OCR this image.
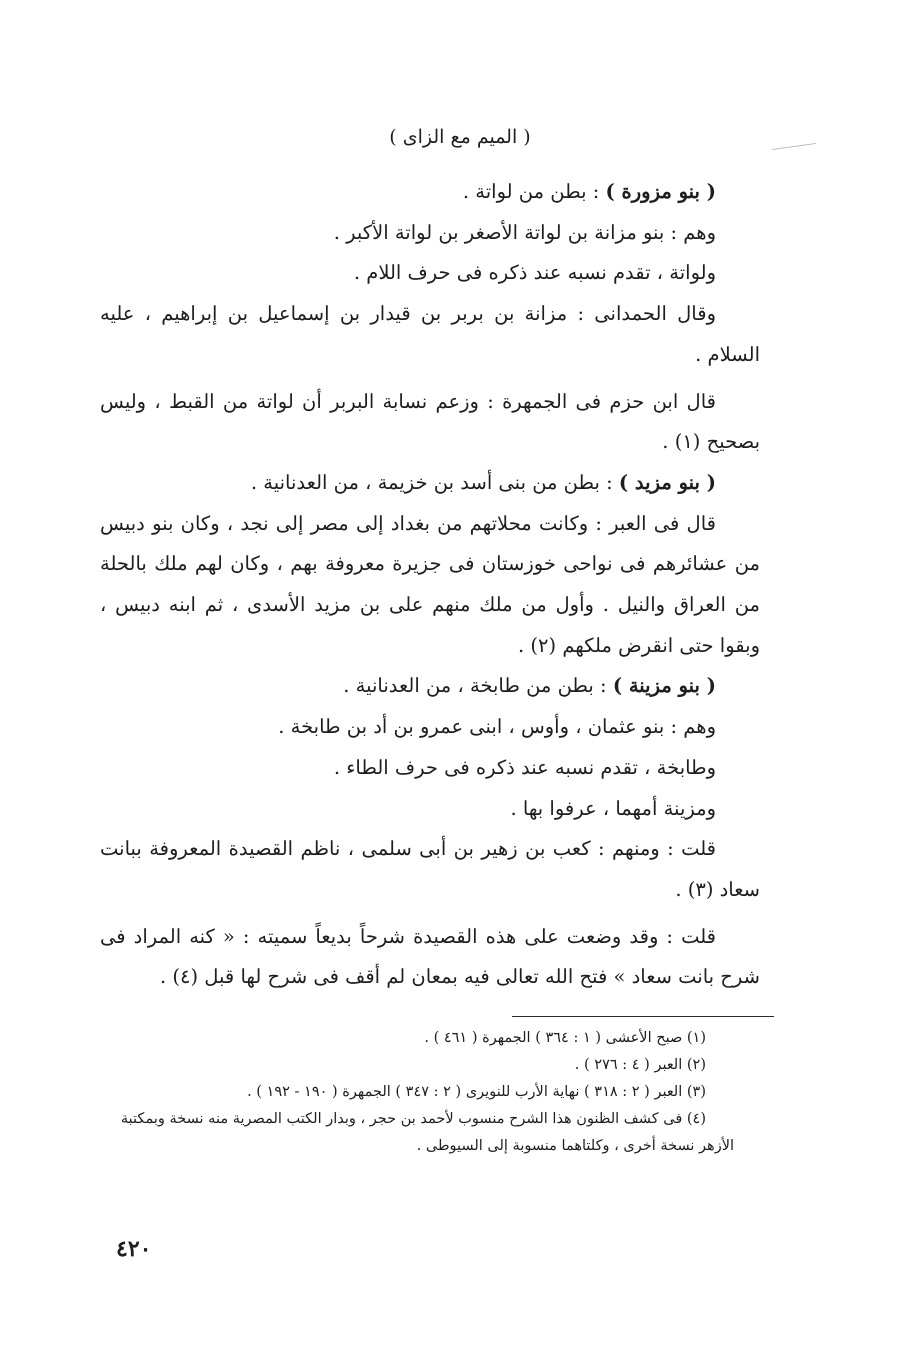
( الميم مع الزاى )

( بنو مزورة ) : بطن من لواتة .

وهم : بنو مزانة بن لواتة الأصغر بن لواتة الأكبر .

ولواتة ، تقدم نسبه عند ذكره فى حرف اللام .

وقال الحمدانى : مزانة بن بربر بن قيدار بن إسماعيل بن إبراهيم ، عليه السلام .

قال ابن حزم فى الجمهرة : وزعم نسابة البربر أن لواتة من القبط ، وليس بصحيح (١) .

( بنو مزيد ) : بطن من بنى أسد بن خزيمة ، من العدنانية .

قال فى العبر : وكانت محلاتهم من بغداد إلى مصر إلى نجد ، وكان بنو دبيس من عشائرهم فى نواحى خوزستان فى جزيرة معروفة بهم ، وكان لهم ملك بالحلة من العراق والنيل . وأول من ملك منهم على بن مزيد الأسدى ، ثم ابنه دبيس ، وبقوا حتى انقرض ملكهم (٢) .

( بنو مزينة ) : بطن من طابخة ، من العدنانية .

وهم : بنو عثمان ، وأوس ، ابنى عمرو بن أد بن طابخة .

وطابخة ، تقدم نسبه عند ذكره فى حرف الطاء .

ومزينة أمهما ، عرفوا بها .

قلت : ومنهم : كعب بن زهير بن أبى سلمى ، ناظم القصيدة المعروفة ببانت سعاد (٣) .

قلت : وقد وضعت على هذه القصيدة شرحاً بديعاً سميته : « كنه المراد فى شرح بانت سعاد » فتح الله تعالى فيه بمعان لم أقف فى شرح لها قبل (٤) .

(١) صبح الأعشى ( ١ : ٣٦٤ ) الجمهرة ( ٤٦١ ) .

(٢) العبر ( ٤ : ٢٧٦ ) .

(٣) العبر ( ٢ : ٣١٨ ) نهاية الأرب للنويرى ( ٢ : ٣٤٧ ) الجمهرة ( ١٩٠ - ١٩٢ ) .

(٤) فى كشف الظنون هذا الشرح منسوب لأحمد بن حجر ، وبدار الكتب المصرية منه نسخة وبمكتبة الأزهر نسخة أخرى ، وكلتاهما منسوبة إلى السيوطى .

٤٢٠
